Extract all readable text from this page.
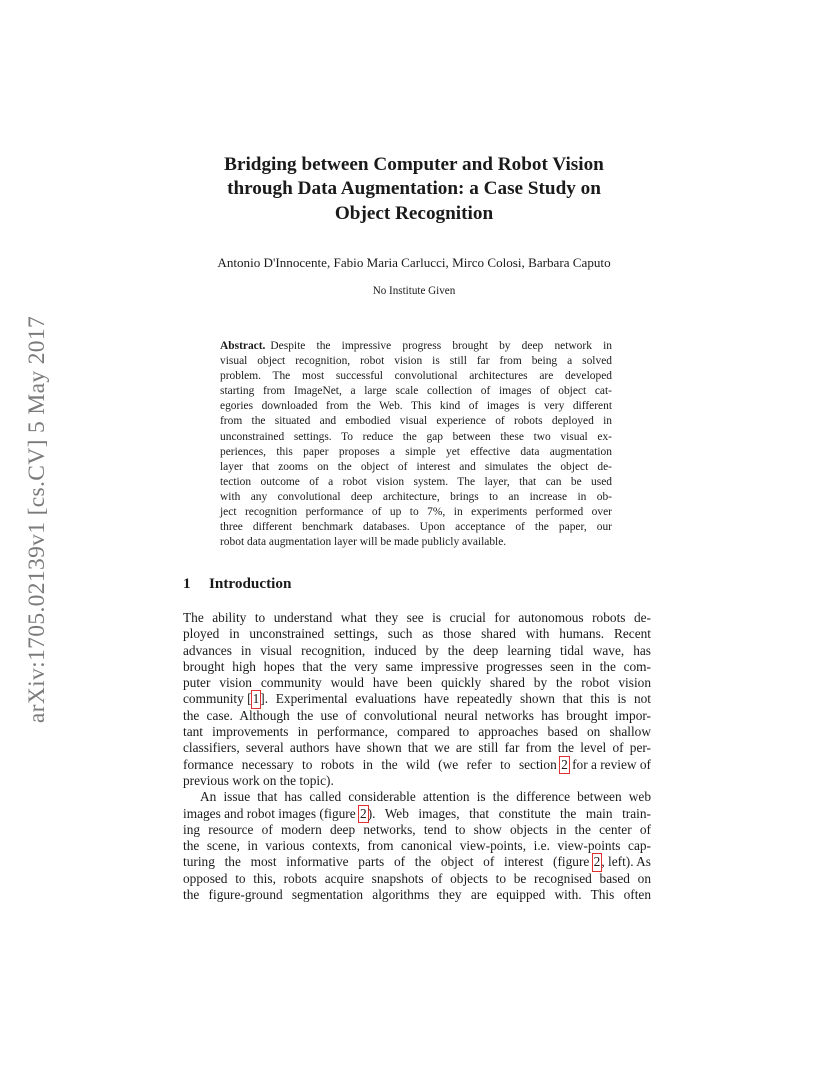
arXiv:1705.02139v1 [cs.CV] 5 May 2017
Bridging between Computer and Robot Vision
through Data Augmentation: a Case Study on
Object Recognition
Antonio D'Innocente, Fabio Maria Carlucci, Mirco Colosi, Barbara Caputo
No Institute Given
Abstract. Despite the impressive progress brought by deep network in
visual object recognition, robot vision is still far from being a solved
problem. The most successful convolutional architectures are developed
starting from ImageNet, a large scale collection of images of object cat-
egories downloaded from the Web. This kind of images is very different
from the situated and embodied visual experience of robots deployed in
unconstrained settings. To reduce the gap between these two visual ex-
periences, this paper proposes a simple yet effective data augmentation
layer that zooms on the object of interest and simulates the object de-
tection outcome of a robot vision system. The layer, that can be used
with any convolutional deep architecture, brings to an increase in ob-
ject recognition performance of up to 7%, in experiments performed over
three different benchmark databases. Upon acceptance of the paper, our
robot data augmentation layer will be made publicly available.
1 Introduction
The ability to understand what they see is crucial for autonomous robots de-
ployed in unconstrained settings, such as those shared with humans. Recent
advances in visual recognition, induced by the deep learning tidal wave, has
brought high hopes that the very same impressive progresses seen in the com-
puter vision community would have been quickly shared by the robot vision
community [ 1 ]. Experimental evaluations have repeatedly shown that this is not
the case. Although the use of convolutional neural networks has brought impor-
tant improvements in performance, compared to approaches based on shallow
classifiers, several authors have shown that we are still far from the level of per-
formance necessary to robots in the wild (we refer to section 2 for a review of
previous work on the topic).
An issue that has called considerable attention is the difference between web
images and robot images (figure 2 ). Web images, that constitute the main train-
ing resource of modern deep networks, tend to show objects in the center of
the scene, in various contexts, from canonical view-points, i.e. view-points cap-
turing the most informative parts of the object of interest (figure 2 , left). As
opposed to this, robots acquire snapshots of objects to be recognised based on
the figure-ground segmentation algorithms they are equipped with. This often
